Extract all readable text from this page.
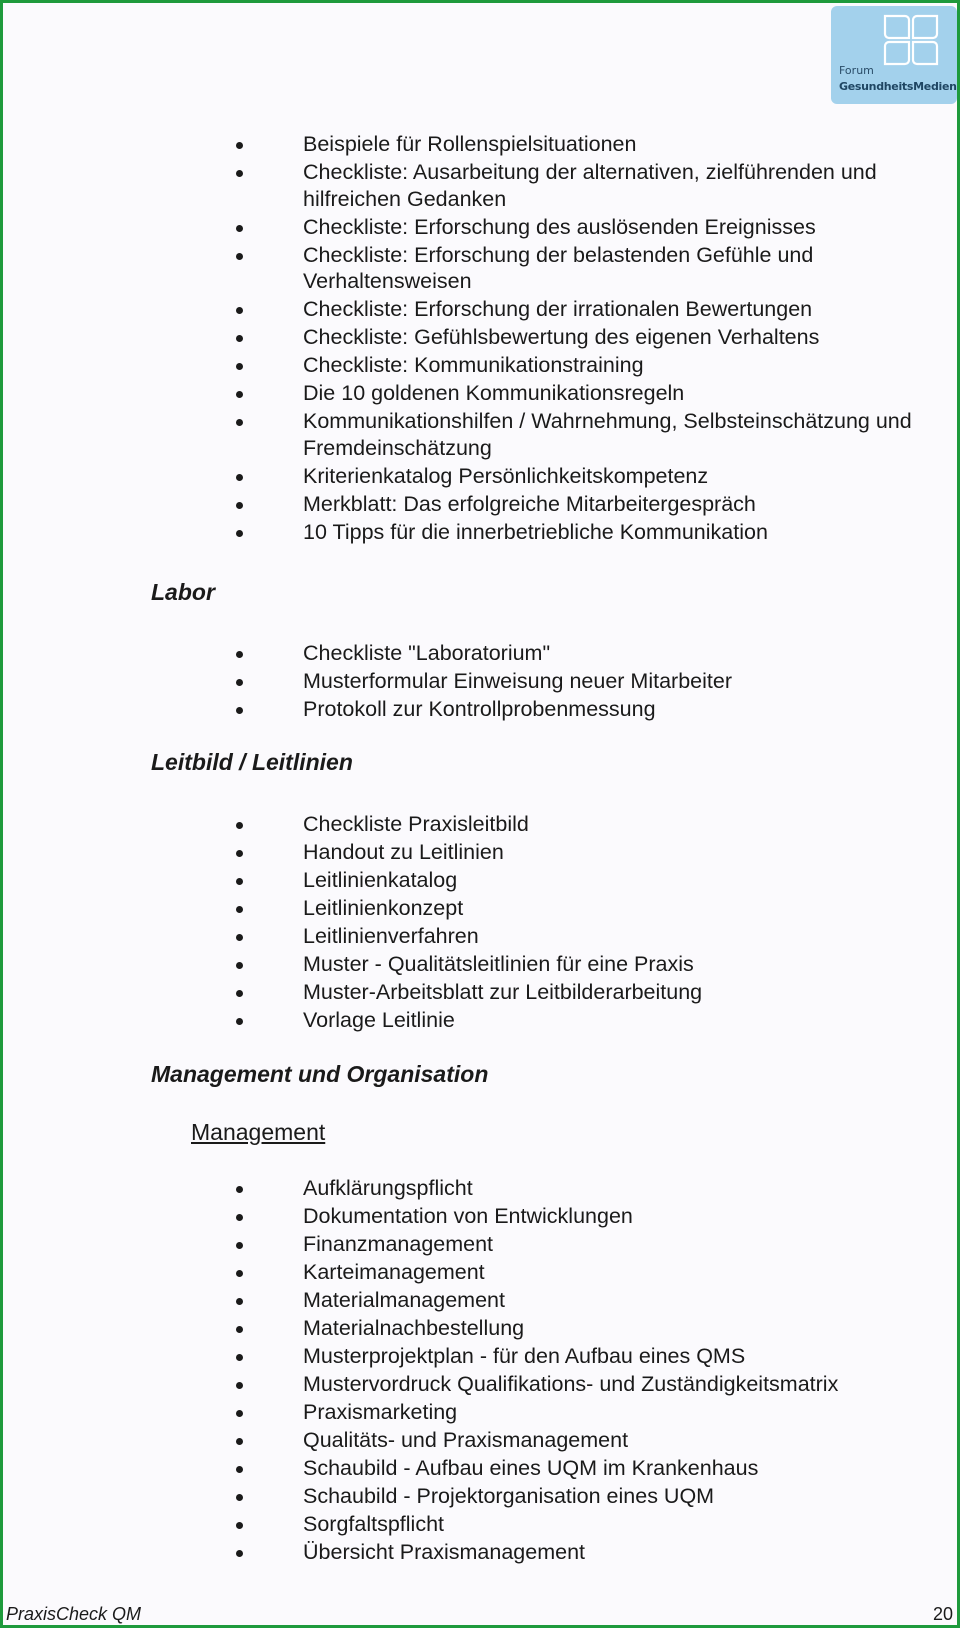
Forum
GesundheitsMedien
Beispiele für Rollenspielsituationen
Checkliste: Ausarbeitung der alternativen, zielführenden und hilfreichen Gedanken
Checkliste: Erforschung des auslösenden Ereignisses
Checkliste: Erforschung der belastenden Gefühle und Verhaltensweisen
Checkliste: Erforschung der irrationalen Bewertungen
Checkliste: Gefühlsbewertung des eigenen Verhaltens
Checkliste: Kommunikationstraining
Die 10 goldenen Kommunikationsregeln
Kommunikationshilfen / Wahrnehmung, Selbsteinschätzung und Fremdeinschätzung
Kriterienkatalog Persönlichkeitskompetenz
Merkblatt: Das erfolgreiche Mitarbeitergespräch
10 Tipps für die innerbetriebliche Kommunikation
Labor
Checkliste "Laboratorium"
Musterformular Einweisung neuer Mitarbeiter
Protokoll zur Kontrollprobenmessung
Leitbild / Leitlinien
Checkliste Praxisleitbild
Handout zu Leitlinien
Leitlinienkatalog
Leitlinienkonzept
Leitlinienverfahren
Muster - Qualitätsleitlinien für eine Praxis
Muster-Arbeitsblatt zur Leitbilderarbeitung
Vorlage Leitlinie
Management und Organisation
Management
Aufklärungspflicht
Dokumentation von Entwicklungen
Finanzmanagement
Karteimanagement
Materialmanagement
Materialnachbestellung
Musterprojektplan - für den Aufbau eines QMS
Mustervordruck Qualifikations- und Zuständigkeitsmatrix
Praxismarketing
Qualitäts- und Praxismanagement
Schaubild - Aufbau eines UQM im Krankenhaus
Schaubild - Projektorganisation eines UQM
Sorgfaltspflicht
Übersicht Praxismanagement
PraxisCheck QM	20
